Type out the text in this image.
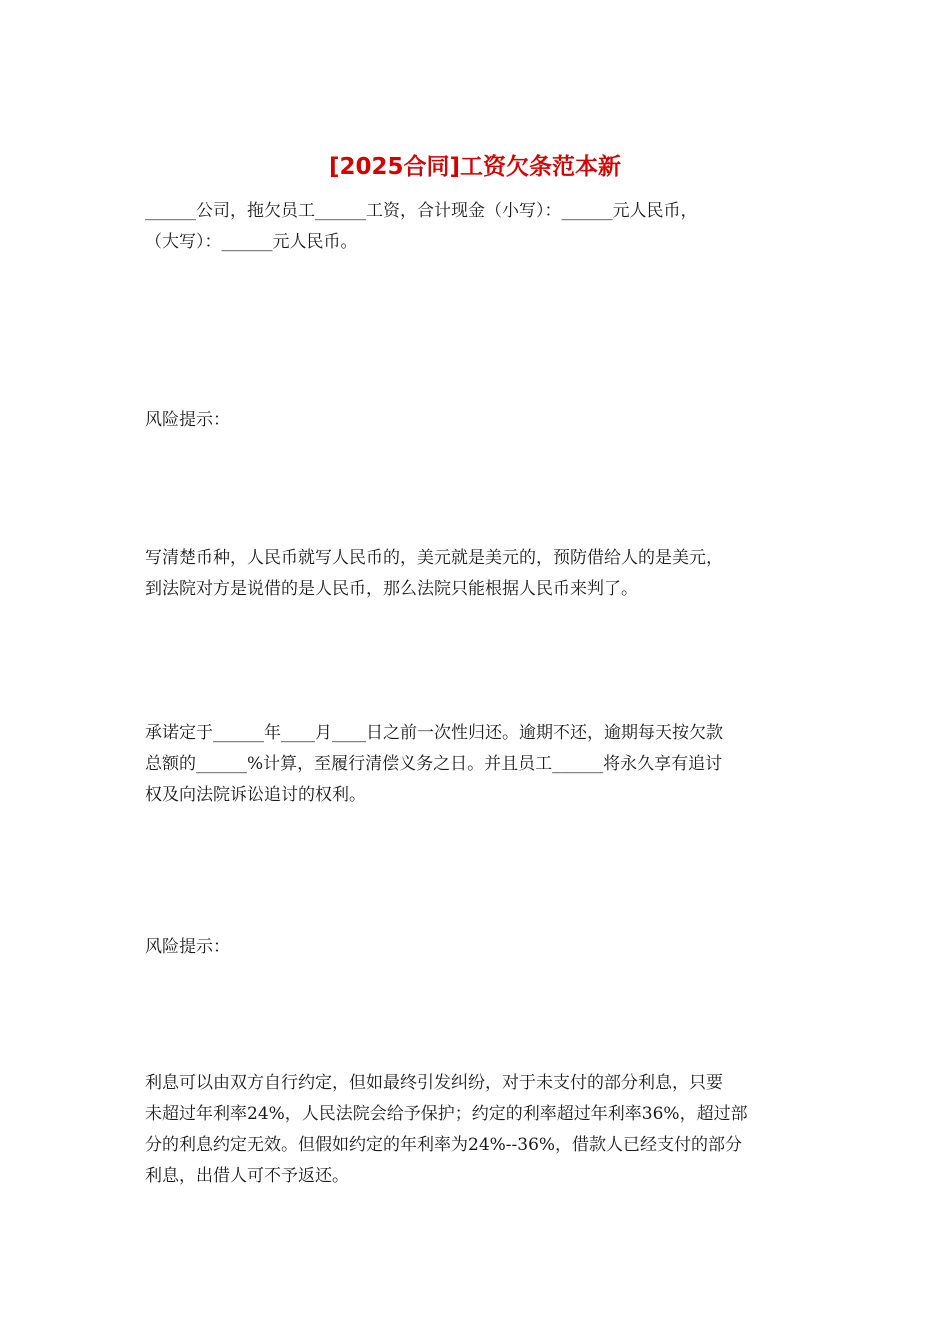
[2025合同]工资欠条范本新

______公司，拖欠员工______工资，合计现金（小写）：______元人民币，
（大写）：______元人民币。

风险提示：

写清楚币种，人民币就写人民币的，美元就是美元的，预防借给人的是美元，
到法院对方是说借的是人民币，那么法院只能根据人民币来判了。

承诺定于______年____月____日之前一次性归还。逾期不还，逾期每天按欠款
总额的______%计算，至履行清偿义务之日。并且员工______将永久享有追讨
权及向法院诉讼追讨的权利。

风险提示：

利息可以由双方自行约定，但如最终引发纠纷，对于未支付的部分利息，只要
未超过年利率24%，人民法院会给予保护；约定的利率超过年利率36%，超过部
分的利息约定无效。但假如约定的年利率为24%--36%，借款人已经支付的部分
利息，出借人可不予返还。
